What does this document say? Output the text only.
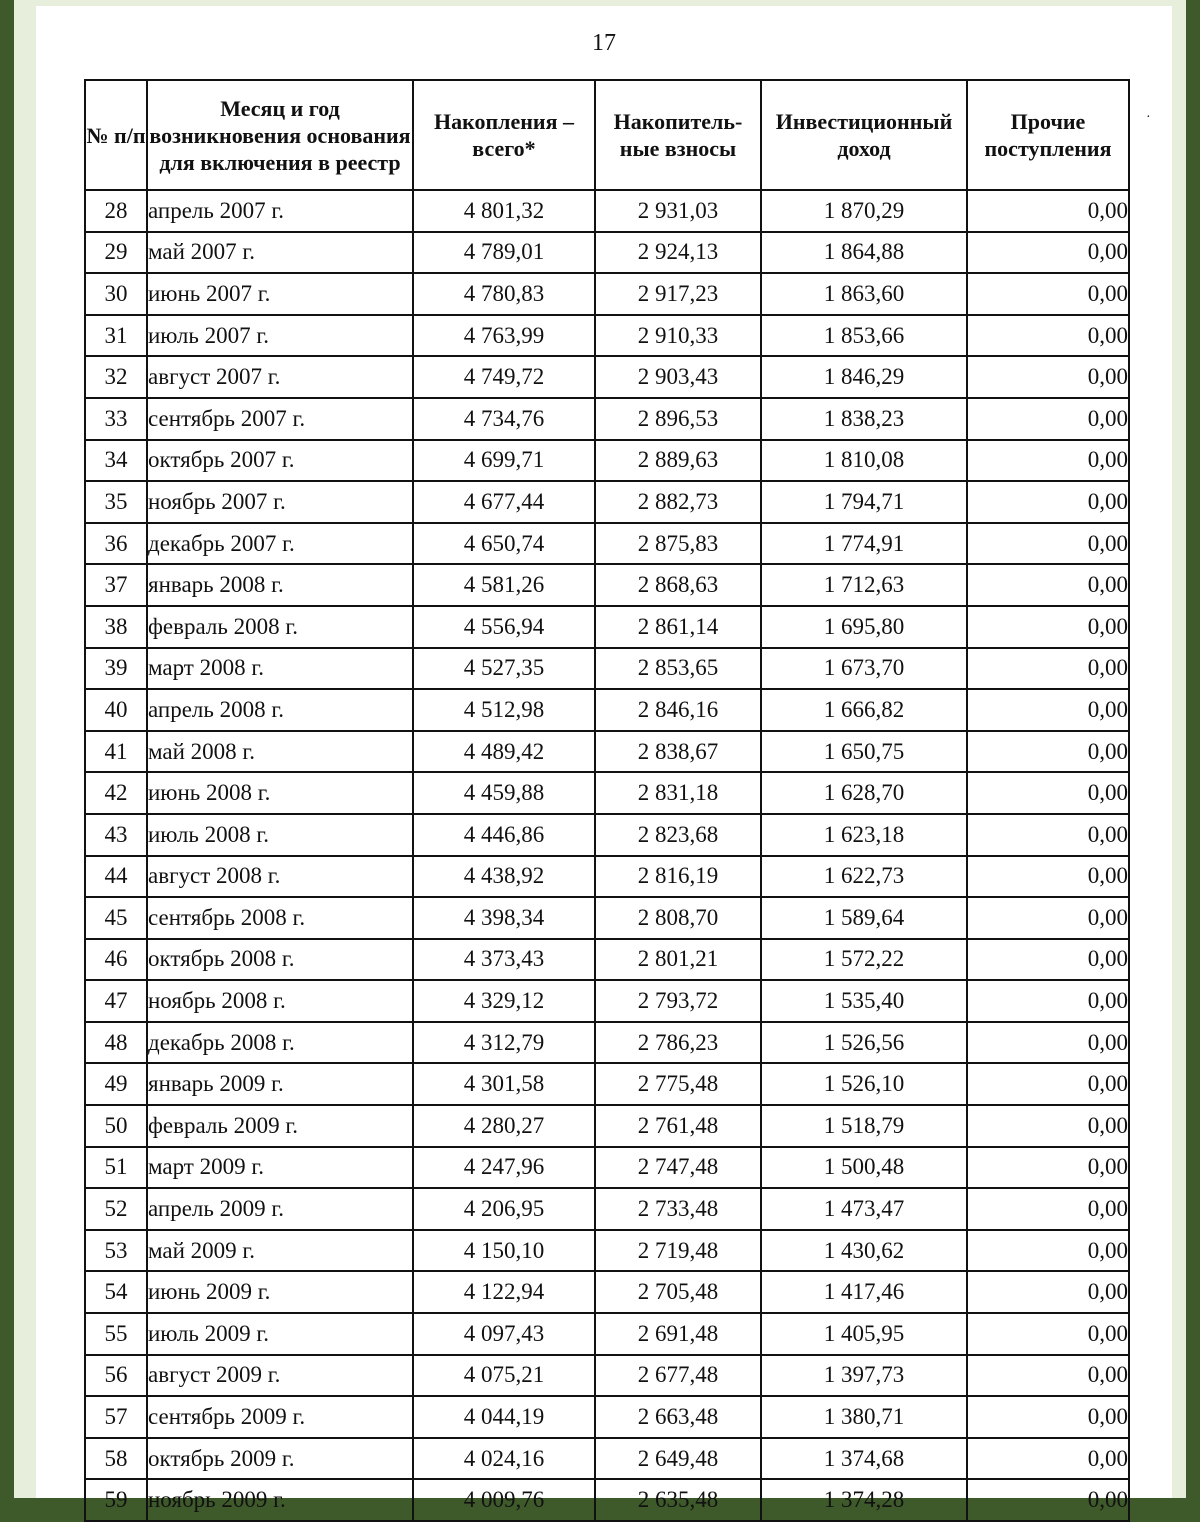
17
·
№ п/п	Месяц и год возникновения основания для включения в реестр	Накопления – всего*	Накопитель-ные взносы	Инвестиционный доход	Прочие поступления
28	апрель 2007 г.	4 801,32	2 931,03	1 870,29	0,00
29	май 2007 г.	4 789,01	2 924,13	1 864,88	0,00
30	июнь 2007 г.	4 780,83	2 917,23	1 863,60	0,00
31	июль 2007 г.	4 763,99	2 910,33	1 853,66	0,00
32	август 2007 г.	4 749,72	2 903,43	1 846,29	0,00
33	сентябрь 2007 г.	4 734,76	2 896,53	1 838,23	0,00
34	октябрь 2007 г.	4 699,71	2 889,63	1 810,08	0,00
35	ноябрь 2007 г.	4 677,44	2 882,73	1 794,71	0,00
36	декабрь 2007 г.	4 650,74	2 875,83	1 774,91	0,00
37	январь 2008 г.	4 581,26	2 868,63	1 712,63	0,00
38	февраль 2008 г.	4 556,94	2 861,14	1 695,80	0,00
39	март 2008 г.	4 527,35	2 853,65	1 673,70	0,00
40	апрель 2008 г.	4 512,98	2 846,16	1 666,82	0,00
41	май 2008 г.	4 489,42	2 838,67	1 650,75	0,00
42	июнь 2008 г.	4 459,88	2 831,18	1 628,70	0,00
43	июль 2008 г.	4 446,86	2 823,68	1 623,18	0,00
44	август 2008 г.	4 438,92	2 816,19	1 622,73	0,00
45	сентябрь 2008 г.	4 398,34	2 808,70	1 589,64	0,00
46	октябрь 2008 г.	4 373,43	2 801,21	1 572,22	0,00
47	ноябрь 2008 г.	4 329,12	2 793,72	1 535,40	0,00
48	декабрь 2008 г.	4 312,79	2 786,23	1 526,56	0,00
49	январь 2009 г.	4 301,58	2 775,48	1 526,10	0,00
50	февраль 2009 г.	4 280,27	2 761,48	1 518,79	0,00
51	март 2009 г.	4 247,96	2 747,48	1 500,48	0,00
52	апрель 2009 г.	4 206,95	2 733,48	1 473,47	0,00
53	май 2009 г.	4 150,10	2 719,48	1 430,62	0,00
54	июнь 2009 г.	4 122,94	2 705,48	1 417,46	0,00
55	июль 2009 г.	4 097,43	2 691,48	1 405,95	0,00
56	август 2009 г.	4 075,21	2 677,48	1 397,73	0,00
57	сентябрь 2009 г.	4 044,19	2 663,48	1 380,71	0,00
58	октябрь 2009 г.	4 024,16	2 649,48	1 374,68	0,00
59	ноябрь 2009 г.	4 009,76	2 635,48	1 374,28	0,00
